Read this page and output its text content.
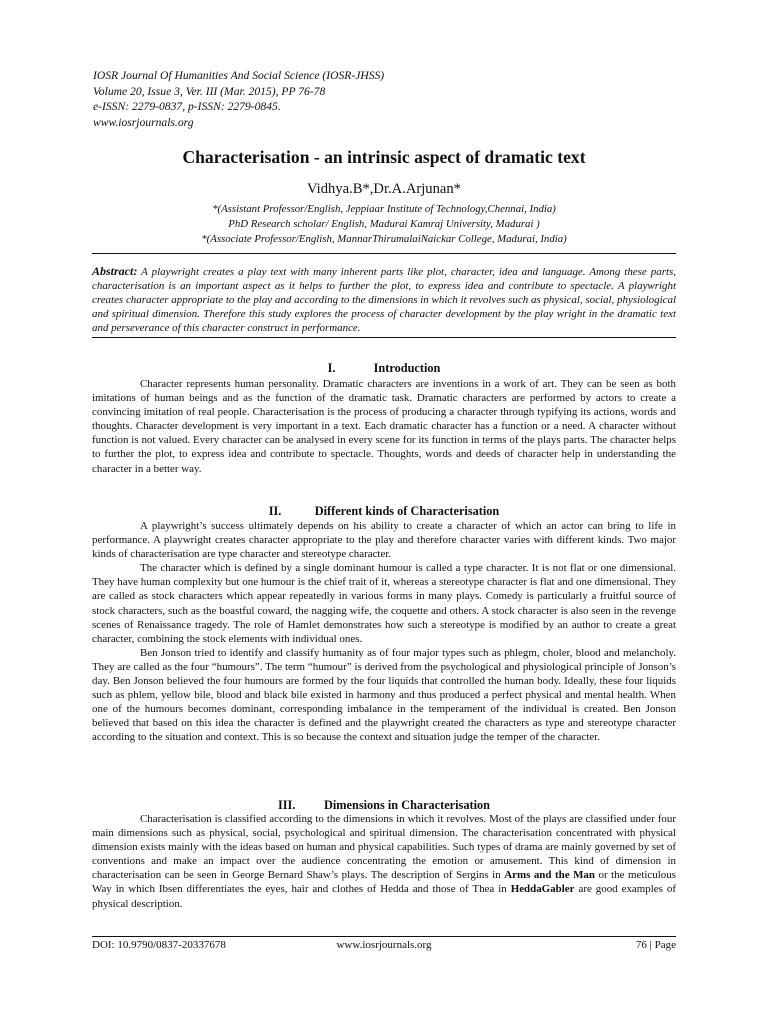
IOSR Journal Of Humanities And Social Science (IOSR-JHSS)
Volume 20, Issue 3, Ver. III (Mar. 2015), PP 76-78
e-ISSN: 2279-0837, p-ISSN: 2279-0845.
www.iosrjournals.org
Characterisation - an intrinsic aspect of dramatic text
Vidhya.B*,Dr.A.Arjunan*
*(Assistant Professor/English, Jeppiaar Institute of Technology,Chennai, India)
PhD Research scholar/ English, Madurai Kamraj University, Madurai )
*(Associate Professor/English, MannarThirumalaiNaickar College, Madurai, India)
Abstract: A playwright creates a play text with many inherent parts like plot, character, idea and language. Among these parts, characterisation is an important aspect as it helps to further the plot, to express idea and contribute to spectacle. A playwright creates character appropriate to the play and according to the dimensions in which it revolves such as physical, social, physiological and spiritual dimension. Therefore this study explores the process of character development by the play wright in the dramatic text and perseverance of this character construct in performance.
I.	Introduction

Character represents human personality. Dramatic characters are inventions in a work of art. They can be seen as both imitations of human beings and as the function of the dramatic task. Dramatic characters are performed by actors to create a convincing imitation of real people. Characterisation is the process of producing a character through typifying its actions, words and thoughts. Character development is very important in a text. Each dramatic character has a function or a need. A character without function is not valued. Every character can be analysed in every scene for its function in terms of the plays parts. The character helps to further the plot, to express idea and contribute to spectacle. Thoughts, words and deeds of character help in understanding the character in a better way.

II.	Different kinds of Characterisation

A playwright’s success ultimately depends on his ability to create a character of which an actor can bring to life in performance. A playwright creates character appropriate to the play and therefore character varies with different kinds. Two major kinds of characterisation are type character and stereotype character.

The character which is defined by a single dominant humour is called a type character. It is not flat or one dimensional. They have human complexity but one humour is the chief trait of it, whereas a stereotype character is flat and one dimensional. They are called as stock characters which appear repeatedly in various forms in many plays. Comedy is particularly a fruitful source of stock characters, such as the boastful coward, the nagging wife, the coquette and others. A stock character is also seen in the revenge scenes of Renaissance tragedy. The role of Hamlet demonstrates how such a stereotype is modified by an author to create a great character, combining the stock elements with individual ones.

Ben Jonson tried to identify and classify humanity as of four major types such as phlegm, choler, blood and melancholy. They are called as the four “humours”. The term “humour” is derived from the psychological and physiological principle of Jonson’s day. Ben Jonson believed the four humours are formed by the four liquids that controlled the human body. Ideally, these four liquids such as phlem, yellow bile, blood and black bile existed in harmony and thus produced a perfect physical and mental health. When one of the humours becomes dominant, corresponding imbalance in the temperament of the individual is created. Ben Jonson believed that based on this idea the character is defined and the playwright created the characters as type and stereotype character according to the situation and context. This is so because the context and situation judge the temper of the character.

III. Dimensions in Characterisation

Characterisation is classified according to the dimensions in which it revolves. Most of the plays are classified under four main dimensions such as physical, social, psychological and spiritual dimension. The characterisation concentrated with physical dimension exists mainly with the ideas based on human and physical capabilities. Such types of drama are mainly governed by set of conventions and make an impact over the audience concentrating the emotion or amusement. This kind of dimension in characterisation can be seen in George Bernard Shaw’s plays. The description of Sergins in Arms and the Man or the meticulous Way in which Ibsen differentiates the eyes, hair and clothes of Hedda and those of Thea in HeddaGabler are good examples of physical description.

DOI: 10.9790/0837-20337678	www.iosrjournals.org	76 | Page
